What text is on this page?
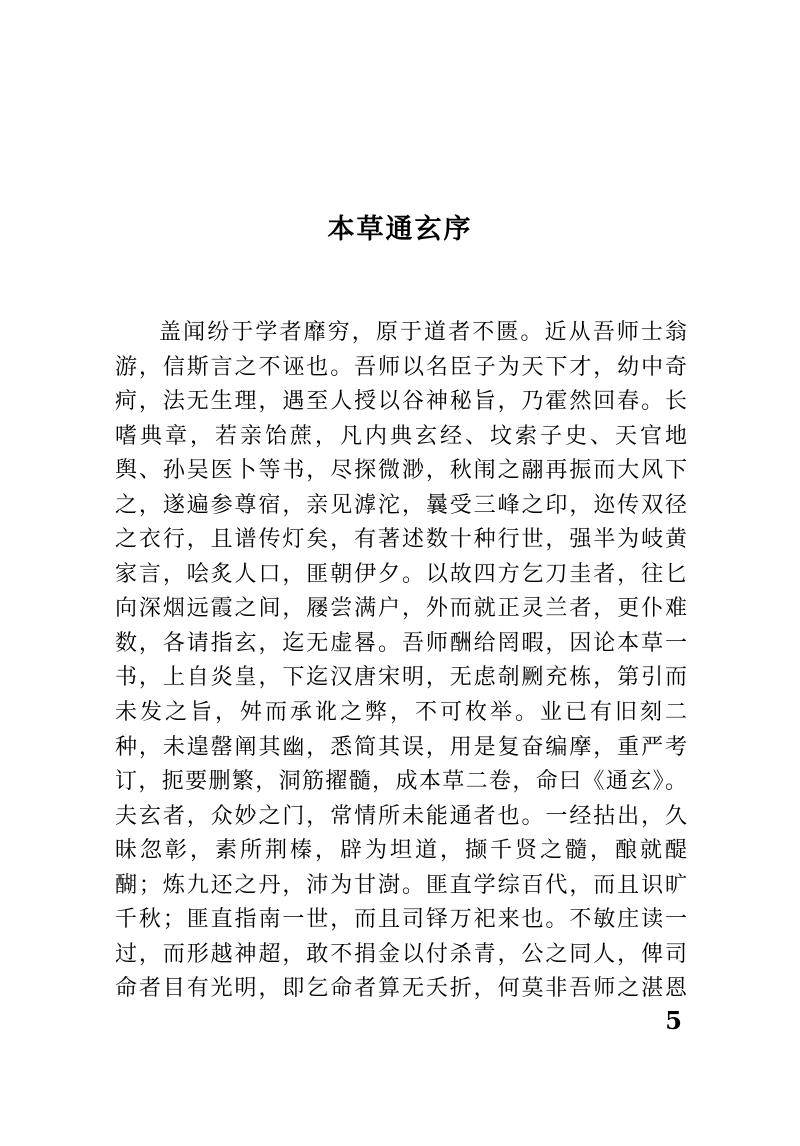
本草通玄序
盖闻纷于学者靡穷，原于道者不匮。近从吾师士翁
游，信斯言之不诬也。吾师以名臣子为天下才，幼中奇
疴，法无生理，遇至人授以谷神秘旨，乃霍然回春。长
嗜典章，若亲饴蔗，凡内典玄经、坟索子史、天官地
舆、孙吴医卜等书，尽探微渺，秋闱之翮再振而大风下
之，遂遍参尊宿，亲见滹沱，曩受三峰之印，迩传双径
之衣行，且谱传灯矣，有著述数十种行世，强半为岐黄
家言，哙炙人口，匪朝伊夕。以故四方乞刀圭者，往匕
向深烟远霞之间，屦尝满户，外而就正灵兰者，更仆难
数，各请指玄，迄无虚晷。吾师酬给罔暇，因论本草一
书，上自炎皇，下迄汉唐宋明，无虑剞劂充栋，第引而
未发之旨，舛而承讹之弊，不可枚举。业已有旧刻二
种，未遑罄阐其幽，悉简其误，用是复奋编摩，重严考
订，扼要删繁，洞筋擢髓，成本草二卷，命曰《通玄》。
夫玄者，众妙之门，常情所未能通者也。一经拈出，久
昧忽彰，素所荆榛，辟为坦道，撷千贤之髓，酿就醍
醐；炼九还之丹，沛为甘澍。匪直学综百代，而且识旷
千秋；匪直指南一世，而且司铎万祀来也。不敏庄读一
过，而形越神超，敢不捐金以付杀青，公之同人，俾司
命者目有光明，即乞命者算无夭折，何莫非吾师之湛恩
5
